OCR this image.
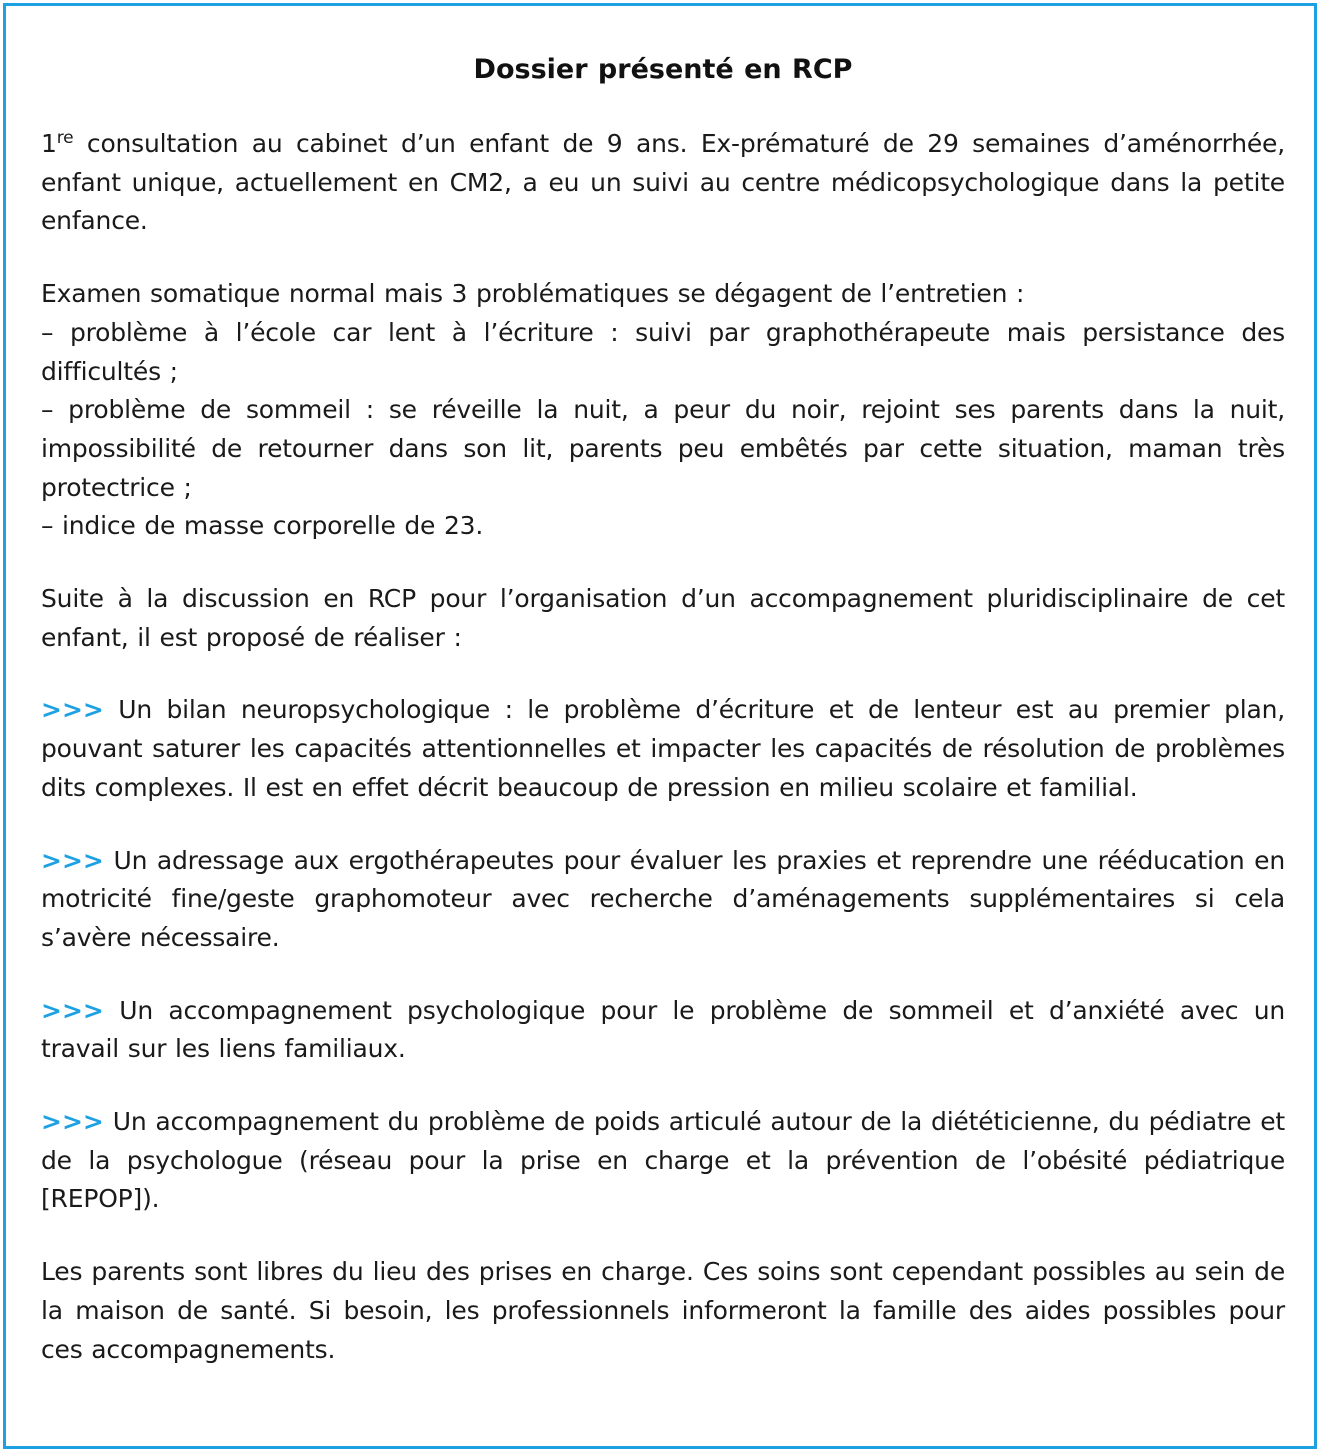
Dossier présenté en RCP

1re consultation au cabinet d’un enfant de 9 ans. Ex-prématuré de 29 semaines d’aménorrhée, enfant unique, actuellement en CM2, a eu un suivi au centre médicopsychologique dans la petite enfance.

Examen somatique normal mais 3 problématiques se dégagent de l’entretien :
– problème à l’école car lent à l’écriture : suivi par graphothérapeute mais persistance des difficultés ;
– problème de sommeil : se réveille la nuit, a peur du noir, rejoint ses parents dans la nuit, impossibilité de retourner dans son lit, parents peu embêtés par cette situation, maman très protectrice ;
– indice de masse corporelle de 23.

Suite à la discussion en RCP pour l’organisation d’un accompagnement pluridisciplinaire de cet enfant, il est proposé de réaliser :

>>> Un bilan neuropsychologique : le problème d’écriture et de lenteur est au premier plan, pouvant saturer les capacités attentionnelles et impacter les capacités de résolution de problèmes dits complexes. Il est en effet décrit beaucoup de pression en milieu scolaire et familial.

>>> Un adressage aux ergothérapeutes pour évaluer les praxies et reprendre une rééducation en motricité fine/geste graphomoteur avec recherche d’aménagements supplémentaires si cela s’avère nécessaire.

>>> Un accompagnement psychologique pour le problème de sommeil et d’anxiété avec un travail sur les liens familiaux.

>>> Un accompagnement du problème de poids articulé autour de la diététicienne, du pédiatre et de la psychologue (réseau pour la prise en charge et la prévention de l’obésité pédiatrique [REPOP]).

Les parents sont libres du lieu des prises en charge. Ces soins sont cependant possibles au sein de la maison de santé. Si besoin, les professionnels informeront la famille des aides possibles pour ces accompagnements.
